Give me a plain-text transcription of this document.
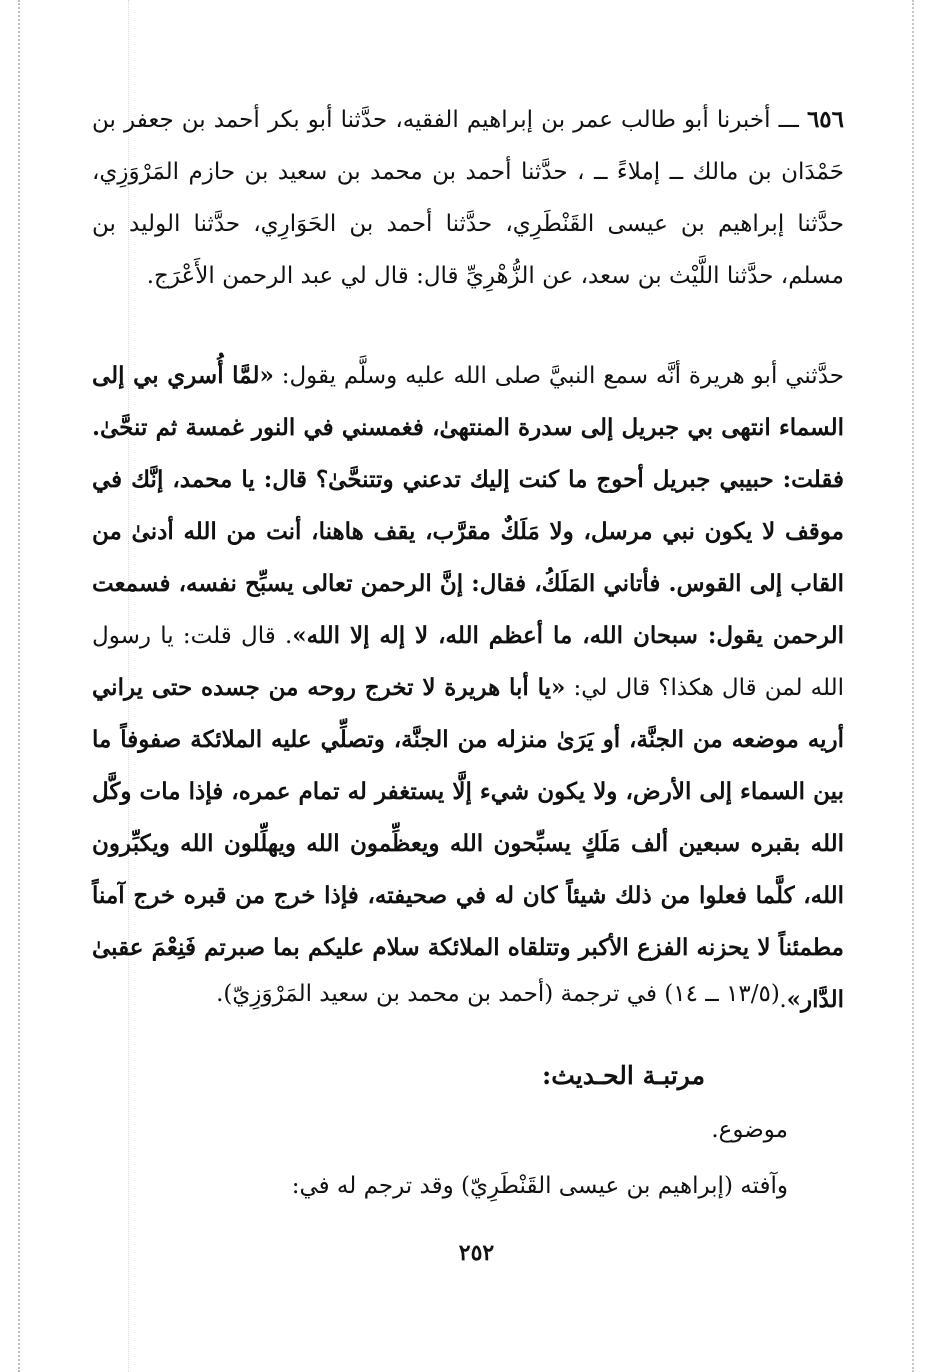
٦٥٦ ـــ أخبرنا أبو طالب عمر بن إبراهيم الفقيه، حدَّثنا أبو بكر أحمد بن جعفر بن حَمْدَان بن مالك ــ إملاءً ــ ، حدَّثنا أحمد بن محمد بن سعيد بن حازم المَرْوَزِي، حدَّثنا إبراهيم بن عيسى القَنْطَرِي، حدَّثنا أحمد بن الحَوَارِي، حدَّثنا الوليد بن مسلم، حدَّثنا اللَّيْث بن سعد، عن الزُّهْرِيِّ قال: قال لي عبد الرحمن الأَعْرَج.
حدَّثني أبو هريرة أنَّه سمع النبيَّ صلى الله عليه وسلَّم يقول: «لمَّا أُسري بي إلى السماء انتهى بي جبريل إلى سدرة المنتهىٰ، فغمسني في النور غمسة ثم تنحَّىٰ. فقلت: حبيبي جبريل أحوج ما كنت إليك تدعني وتتنحَّىٰ؟ قال: يا محمد، إنَّك في موقف لا يكون نبي مرسل، ولا مَلَكٌ مقرَّب، يقف هاهنا، أنت من الله أدنىٰ من القاب إلى القوس. فأتاني المَلَكُ، فقال: إنَّ الرحمن تعالى يسبِّح نفسه، فسمعت الرحمن يقول: سبحان الله، ما أعظم الله، لا إله إلا الله». قال قلت: يا رسول الله لمن قال هكذا؟ قال لي: «يا أبا هريرة لا تخرج روحه من جسده حتى يراني أريه موضعه من الجنَّة، أو يَرَىٰ منزله من الجنَّة، وتصلِّي عليه الملائكة صفوفاً ما بين السماء إلى الأرض، ولا يكون شيء إلَّا يستغفر له تمام عمره، فإذا مات وكَّل الله بقبره سبعين ألف مَلَكٍ يسبِّحون الله ويعظِّمون الله ويهلِّلون الله ويكبِّرون الله، كلَّما فعلوا من ذلك شيئاً كان له في صحيفته، فإذا خرج من قبره خرج آمناً مطمئناً لا يحزنه الفزع الأكبر وتتلقاه الملائكة سلام عليكم بما صبرتم فَنِعْمَ عقبىٰ الدَّار».
(١٣/٥ ــ ١٤) في ترجمة (أحمد بن محمد بن سعيد المَرْوَزِيّ).
مرتبـة الحـديث:
موضوع.
وآفته (إبراهيم بن عيسى القَنْطَرِيّ) وقد ترجم له في:
٢٥٢
